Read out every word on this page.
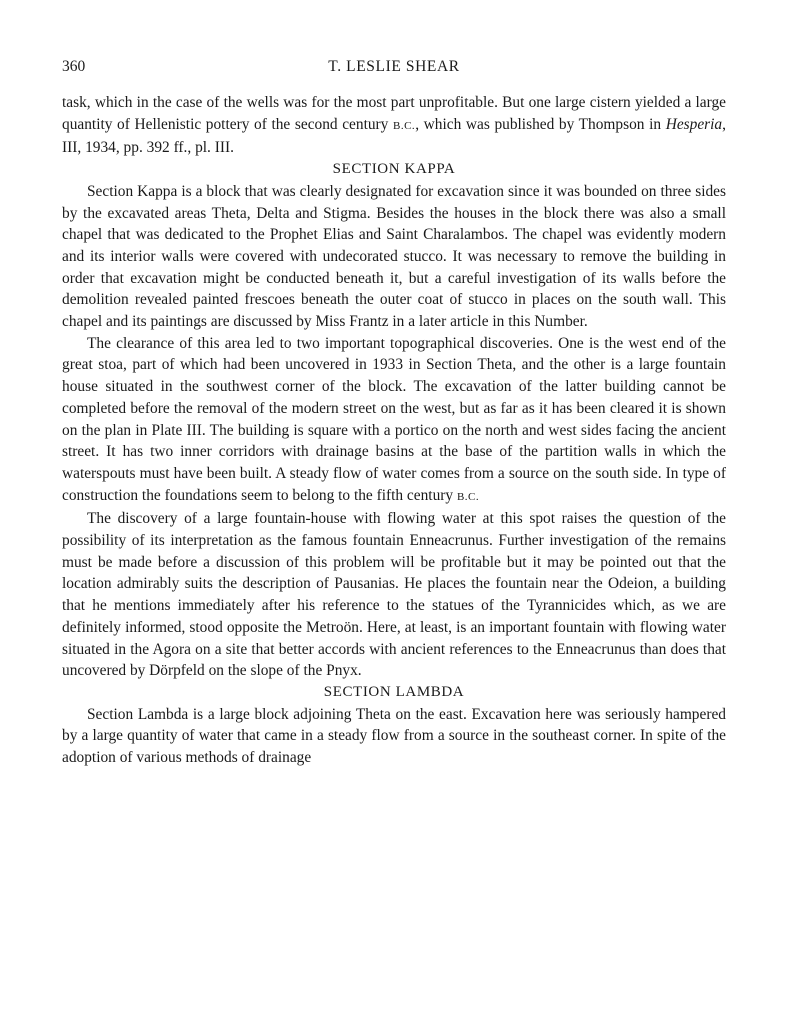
360	T. LESLIE SHEAR

task, which in the case of the wells was for the most part unprofitable. But one large cistern yielded a large quantity of Hellenistic pottery of the second century B.C., which was published by Thompson in Hesperia, III, 1934, pp. 392 ff., pl. III.

SECTION KAPPA

Section Kappa is a block that was clearly designated for excavation since it was bounded on three sides by the excavated areas Theta, Delta and Stigma. Besides the houses in the block there was also a small chapel that was dedicated to the Prophet Elias and Saint Charalambos. The chapel was evidently modern and its interior walls were covered with undecorated stucco. It was necessary to remove the building in order that excavation might be conducted beneath it, but a careful investigation of its walls before the demolition revealed painted frescoes beneath the outer coat of stucco in places on the south wall. This chapel and its paintings are discussed by Miss Frantz in a later article in this Number.

The clearance of this area led to two important topographical discoveries. One is the west end of the great stoa, part of which had been uncovered in 1933 in Section Theta, and the other is a large fountain house situated in the southwest corner of the block. The excavation of the latter building cannot be completed before the removal of the modern street on the west, but as far as it has been cleared it is shown on the plan in Plate III. The building is square with a portico on the north and west sides facing the ancient street. It has two inner corridors with drainage basins at the base of the partition walls in which the waterspouts must have been built. A steady flow of water comes from a source on the south side. In type of construction the foundations seem to belong to the fifth century B.C.

The discovery of a large fountain-house with flowing water at this spot raises the question of the possibility of its interpretation as the famous fountain Enneacrunus. Further investigation of the remains must be made before a discussion of this problem will be profitable but it may be pointed out that the location admirably suits the description of Pausanias. He places the fountain near the Odeion, a building that he mentions immediately after his reference to the statues of the Tyrannicides which, as we are definitely informed, stood opposite the Metroön. Here, at least, is an important fountain with flowing water situated in the Agora on a site that better accords with ancient references to the Enneacrunus than does that uncovered by Dörpfeld on the slope of the Pnyx.

SECTION LAMBDA

Section Lambda is a large block adjoining Theta on the east. Excavation here was seriously hampered by a large quantity of water that came in a steady flow from a source in the southeast corner. In spite of the adoption of various methods of drainage
